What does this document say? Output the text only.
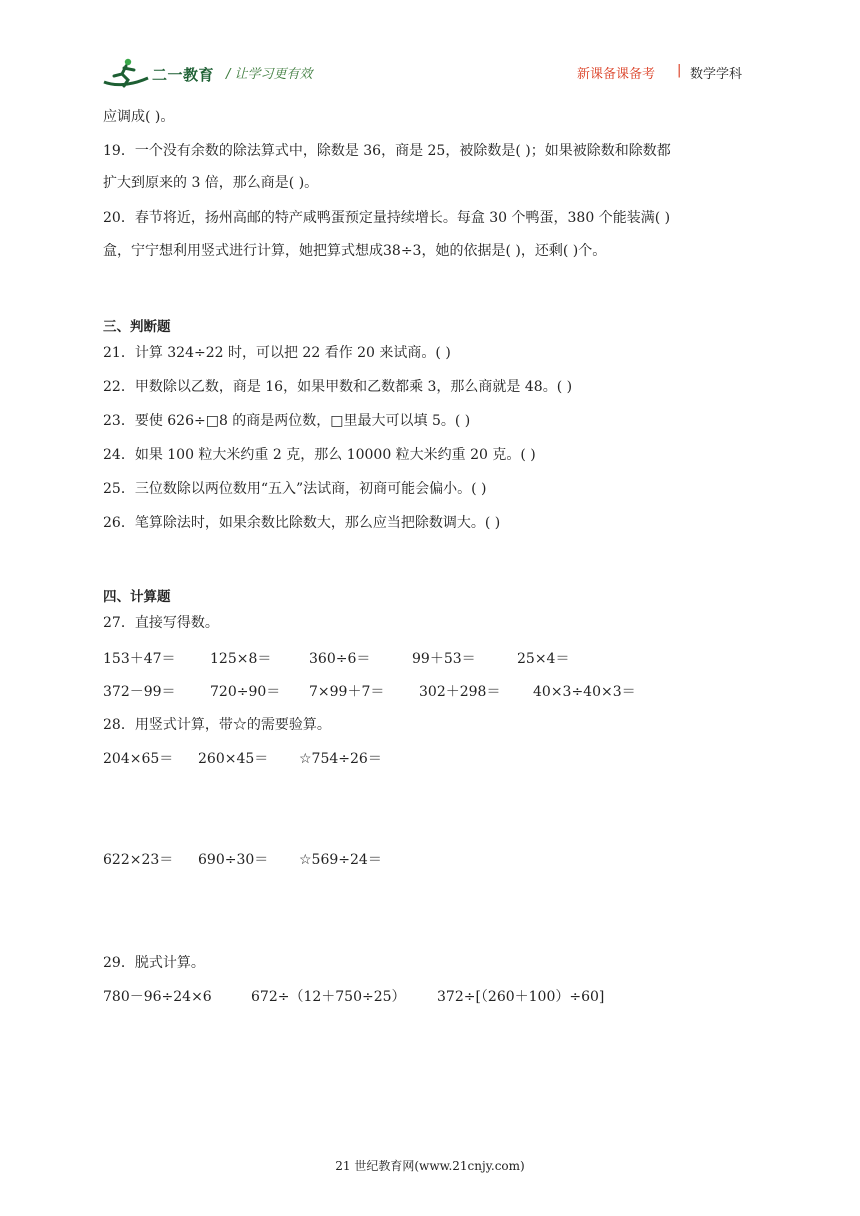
二一教育 / 让学习更有效	新课备课备考 | 数学学科
应调成( )。
19．一个没有余数的除法算式中，除数是 36，商是 25，被除数是( )；如果被除数和除数都
扩大到原来的 3 倍，那么商是( )。
20．春节将近，扬州高邮的特产咸鸭蛋预定量持续增长。每盒 30 个鸭蛋，380 个能装满( )
盒，宁宁想利用竖式进行计算，她把算式想成38÷3，她的依据是( )，还剩( )个。
三、判断题
21．计算 324÷22 时，可以把 22 看作 20 来试商。( )
22．甲数除以乙数，商是 16，如果甲数和乙数都乘 3，那么商就是 48。( )
23．要使 626÷□8 的商是两位数，□里最大可以填 5。( )
24．如果 100 粒大米约重 2 克，那么 10000 粒大米约重 20 克。( )
25．三位数除以两位数用“五入”法试商，初商可能会偏小。( )
26．笔算除法时，如果余数比除数大，那么应当把除数调大。( )
四、计算题
27．直接写得数。
153＋47＝ 125×8＝	360÷6＝	99＋53＝	25×4＝
372－99＝ 720÷90＝ 7×99＋7＝ 302＋298＝ 40×3÷40×3＝
28．用竖式计算，带☆的需要验算。
204×65＝ 260×45＝ ☆754÷26＝
622×23＝ 690÷30＝ ☆569÷24＝
29．脱式计算。
780－96÷24×6	672÷（12＋750÷25） 372÷[（260＋100）÷60]
21 世纪教育网(www.21cnjy.com)
